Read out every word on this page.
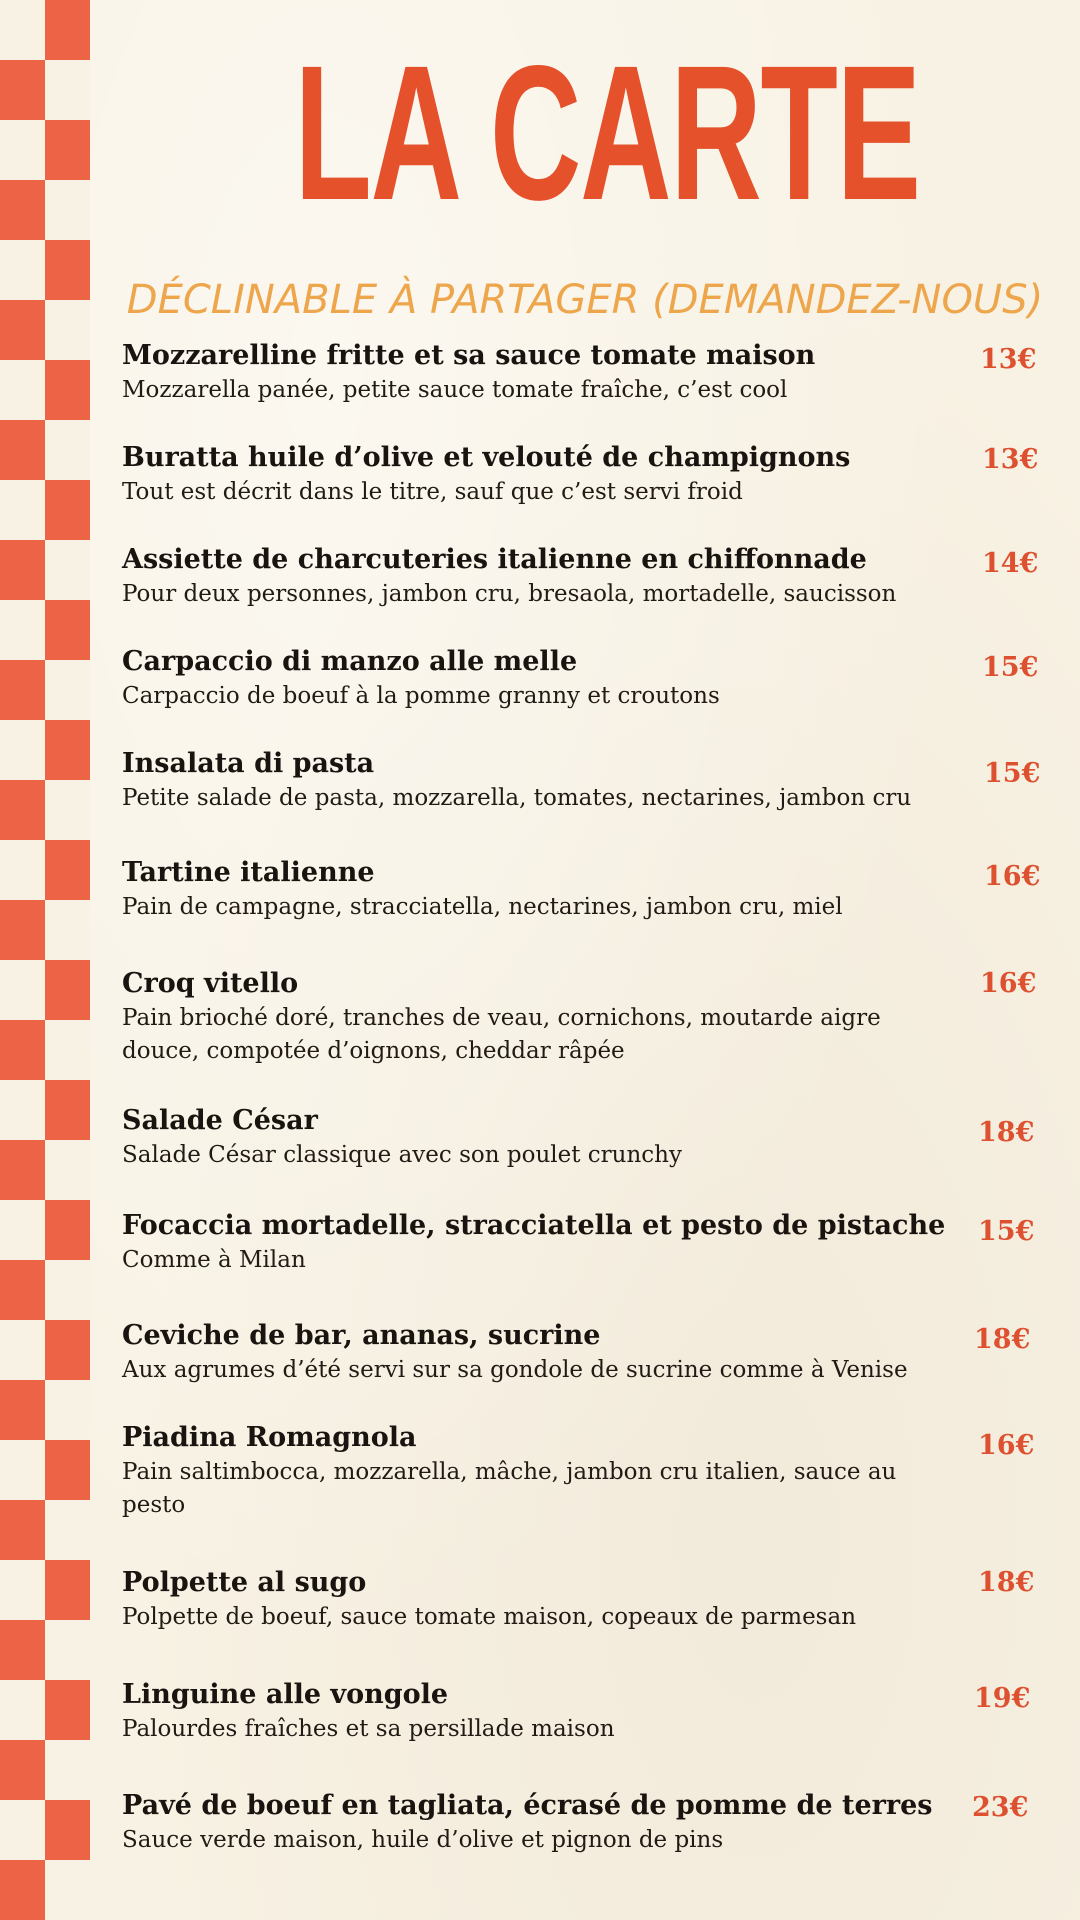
LA CARTE

DÉCLINABLE À PARTAGER (DEMANDEZ-NOUS)

Mozzarelline fritte et sa sauce tomate maison
Mozzarella panée, petite sauce tomate fraîche, c’est cool
13€
Buratta huile d’olive et velouté de champignons
Tout est décrit dans le titre, sauf que c’est servi froid
13€
Assiette de charcuteries italienne en chiffonnade
Pour deux personnes, jambon cru, bresaola, mortadelle, saucisson
14€
Carpaccio di manzo alle melle
Carpaccio de boeuf à la pomme granny et croutons
15€
Insalata di pasta
Petite salade de pasta, mozzarella, tomates, nectarines, jambon cru
15€
Tartine italienne
Pain de campagne, stracciatella, nectarines, jambon cru, miel
16€
Croq vitello
Pain brioché doré, tranches de veau, cornichons, moutarde aigre douce, compotée d’oignons, cheddar râpée
16€
Salade César
Salade César classique avec son poulet crunchy
18€
Focaccia mortadelle, stracciatella et pesto de pistache
Comme à Milan
15€
Ceviche de bar, ananas, sucrine
Aux agrumes d’été servi sur sa gondole de sucrine comme à Venise
18€
Piadina Romagnola
Pain saltimbocca, mozzarella, mâche, jambon cru italien, sauce au pesto
16€
Polpette al sugo
Polpette de boeuf, sauce tomate maison, copeaux de parmesan
18€
Linguine alle vongole
Palourdes fraîches et sa persillade maison
19€
Pavé de boeuf en tagliata, écrasé de pomme de terres
Sauce verde maison, huile d’olive et pignon de pins
23€
